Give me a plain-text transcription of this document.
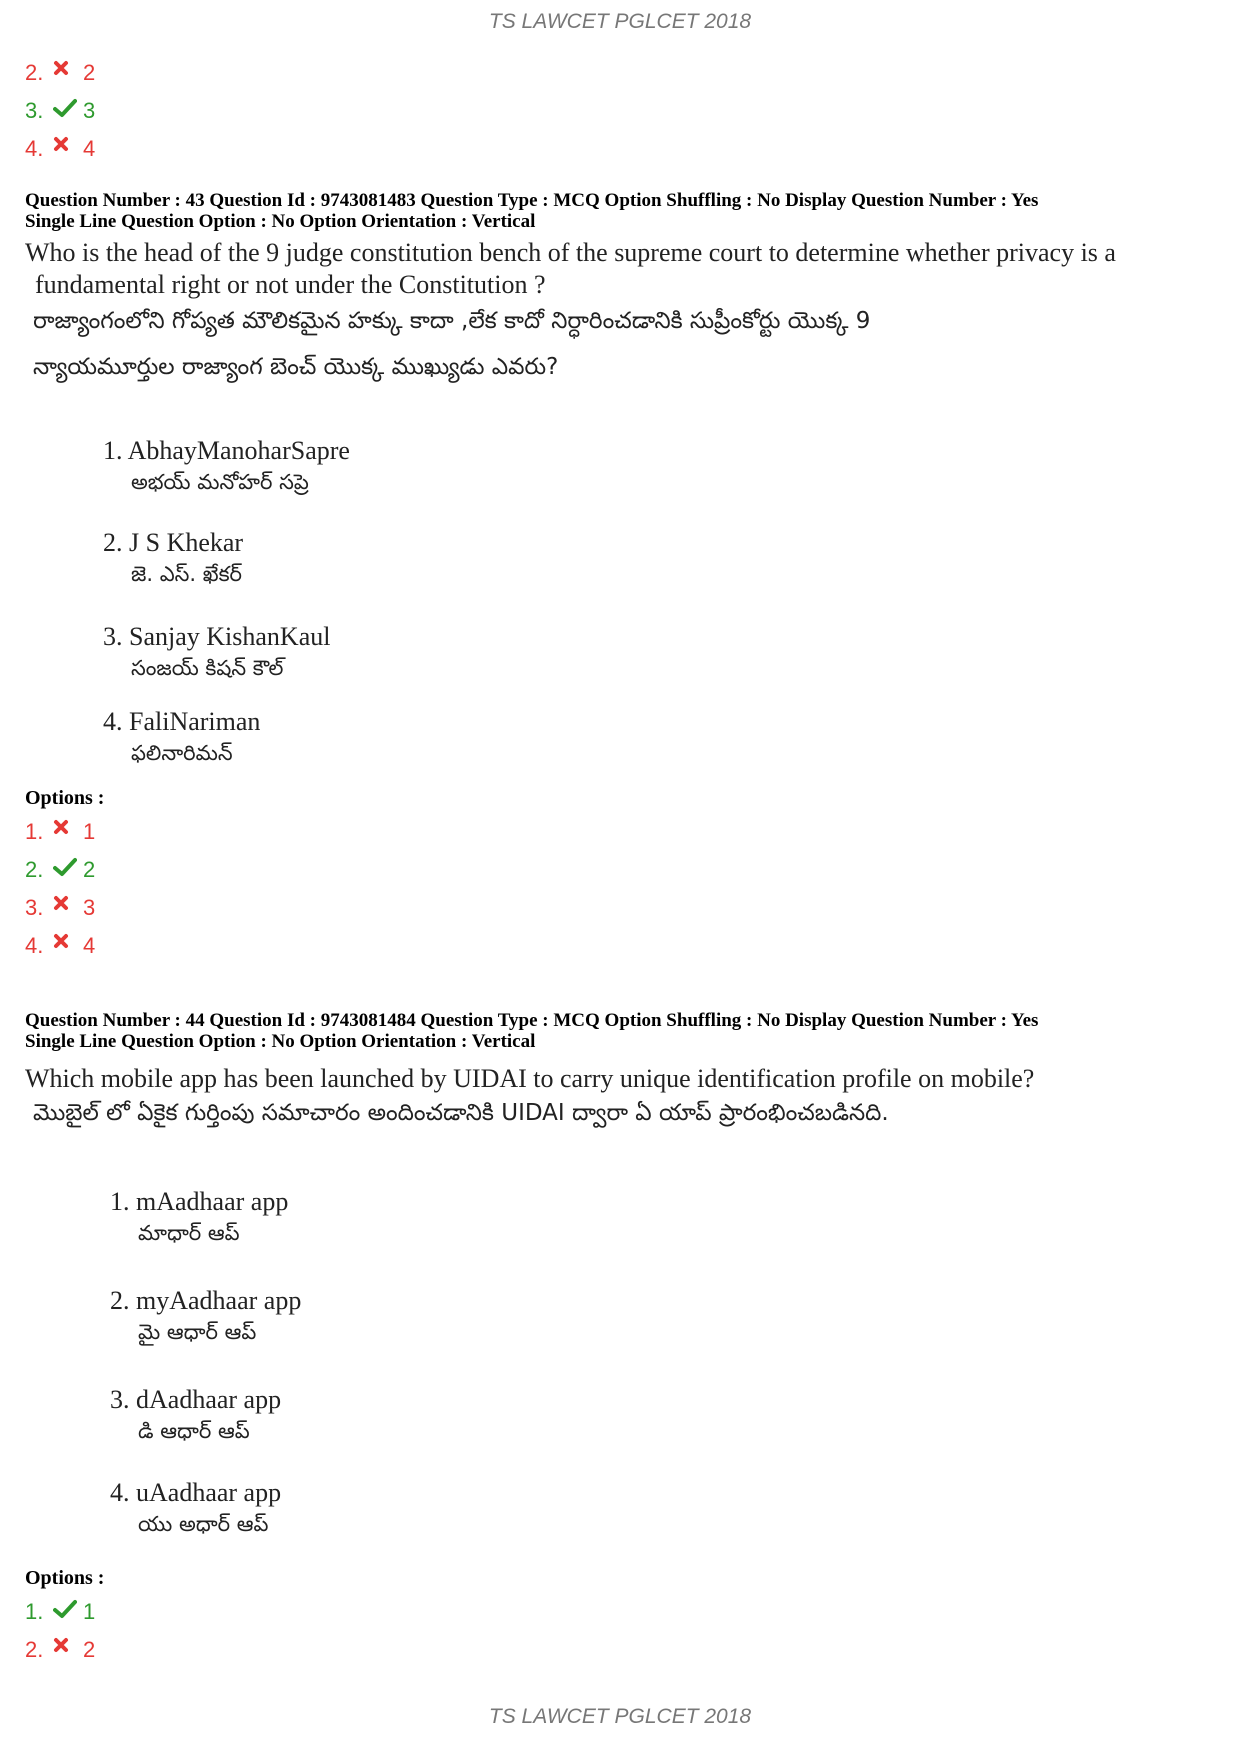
TS LAWCET PGLCET 2018
2.	2
3.	3
4.	4
Question Number : 43 Question Id : 9743081483 Question Type : MCQ Option Shuffling : No Display Question Number : Yes
Single Line Question Option : No Option Orientation : Vertical
Who is the head of the 9 judge constitution bench of the supreme court to determine whether privacy is a
fundamental right or not under the Constitution ?
రాజ్యాంగంలోని గోప్యత మౌలికమైన హక్కు కాదా ,లేక కాదో నిర్ధారించడానికి సుప్రీంకోర్టు యొక్క 9
న్యాయమూర్తుల రాజ్యాంగ బెంచ్ యొక్క ముఖ్యుడు ఎవరు?
1. AbhayManoharSapre
అభయ్ మనోహర్ సప్రె
2. J S Khekar
జె. ఎస్. ఖేకర్
3. Sanjay KishanKaul
సంజయ్ కిషన్ కౌల్
4. FaliNariman
ఫలినారిమన్
Options :
1.	1
2.	2
3.	3
4.	4
Question Number : 44 Question Id : 9743081484 Question Type : MCQ Option Shuffling : No Display Question Number : Yes
Single Line Question Option : No Option Orientation : Vertical
Which mobile app has been launched by UIDAI to carry unique identification profile on mobile?
మొబైల్ లో ఏకైక గుర్తింపు సమాచారం అందించడానికి UIDAI ద్వారా ఏ యాప్ ప్రారంభించబడినది.
1. mAadhaar app
మాధార్ ఆప్
2. myAadhaar app
మై ఆధార్ ఆప్
3. dAadhaar app
డి ఆధార్ ఆప్
4. uAadhaar app
యు అధార్ ఆప్
Options :
1.	1
2.	2
TS LAWCET PGLCET 2018
